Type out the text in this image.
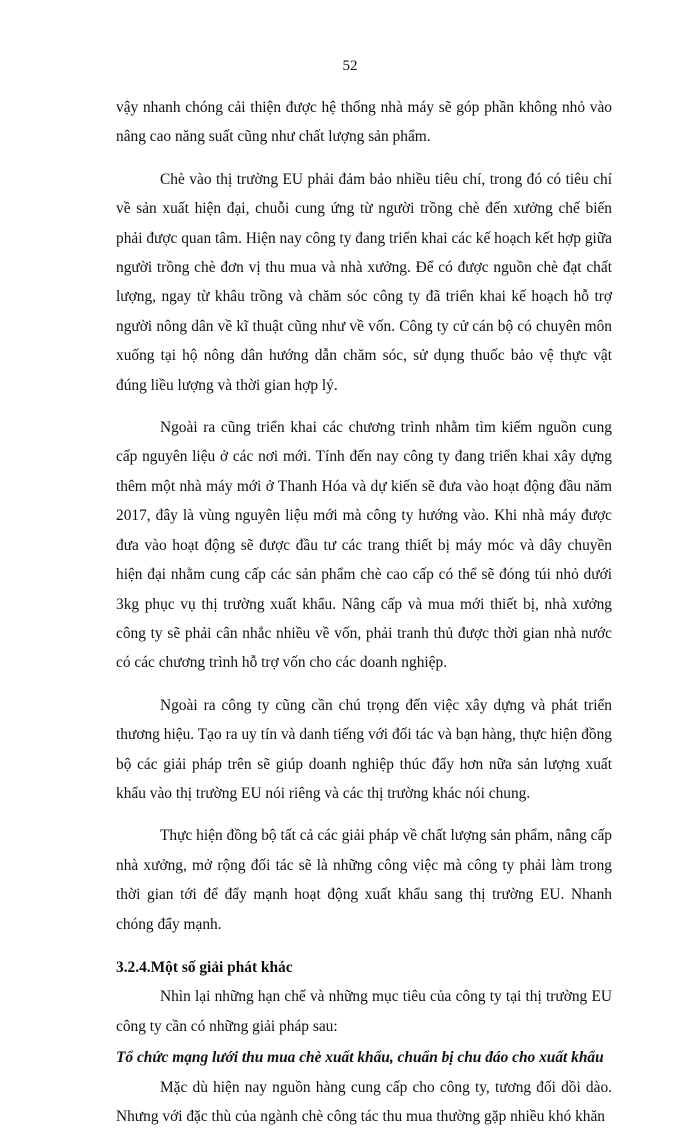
52

vậy nhanh chóng cải thiện được hệ thống nhà máy sẽ góp phần không nhỏ vào nâng cao năng suất cũng như chất lượng sản phẩm.

Chè vào thị trường EU phải đảm bảo nhiều tiêu chí, trong đó có tiêu chí về sản xuất hiện đại, chuỗi cung ứng từ người trồng chè đến xưởng chế biến phải được quan tâm. Hiện nay công ty đang triển khai các kế hoạch kết hợp giữa người trồng chè đơn vị thu mua và nhà xưởng. Để có được nguồn chè đạt chất lượng, ngay từ khâu trồng và chăm sóc công ty đã triển khai kế hoạch hỗ trợ người nông dân về kĩ thuật cũng như về vốn. Công ty cử cán bộ có chuyên môn xuống tại hộ nông dân hướng dẫn chăm sóc, sử dụng thuốc bảo vệ thực vật đúng liều lượng và thời gian hợp lý.

Ngoài ra cũng triển khai các chương trình nhằm tìm kiếm nguồn cung cấp nguyên liệu ở các nơi mới. Tính đến nay công ty đang triển khai xây dựng thêm một nhà máy mới ở Thanh Hóa và dự kiến sẽ đưa vào hoạt động đầu năm 2017, đây là vùng nguyên liệu mới mà công ty hướng vào. Khi nhà máy được đưa vào hoạt động sẽ được đầu tư các trang thiết bị máy móc và dây chuyền hiện đại nhằm cung cấp các sản phẩm chè cao cấp có thể sẽ đóng túi nhỏ dưới 3kg phục vụ thị trường xuất khẩu. Nâng cấp và mua mới thiết bị, nhà xưởng công ty sẽ phải cân nhắc nhiều về vốn, phải tranh thủ được thời gian nhà nước có các chương trình hỗ trợ vốn cho các doanh nghiệp.

Ngoài ra công ty cũng cần chú trọng đến việc xây dựng và phát triển thương hiệu. Tạo ra uy tín và danh tiếng với đối tác và bạn hàng, thực hiện đồng bộ các giải pháp trên sẽ giúp doanh nghiệp thúc đẩy hơn nữa sản lượng xuất khẩu vào thị trường EU nói riêng và các thị trường khác nói chung.

Thực hiện đồng bộ tất cả các giải pháp về chất lượng sản phẩm, nâng cấp nhà xưởng, mở rộng đối tác sẽ là những công việc mà công ty phải làm trong thời gian tới để đẩy mạnh hoạt động xuất khẩu sang thị trường EU. Nhanh chóng đẩy mạnh.

3.2.4.Một số giải phát khác

Nhìn lại những hạn chế và những mục tiêu của công ty tại thị trường EU công ty cần có những giải pháp sau:

Tổ chức mạng lưới thu mua chè xuất khẩu, chuẩn bị chu đáo cho xuất khẩu

Mặc dù hiện nay nguồn hàng cung cấp cho công ty, tương đối dồi dào. Nhưng với đặc thù của ngành chè công tác thu mua thường gặp nhiều khó khăn
